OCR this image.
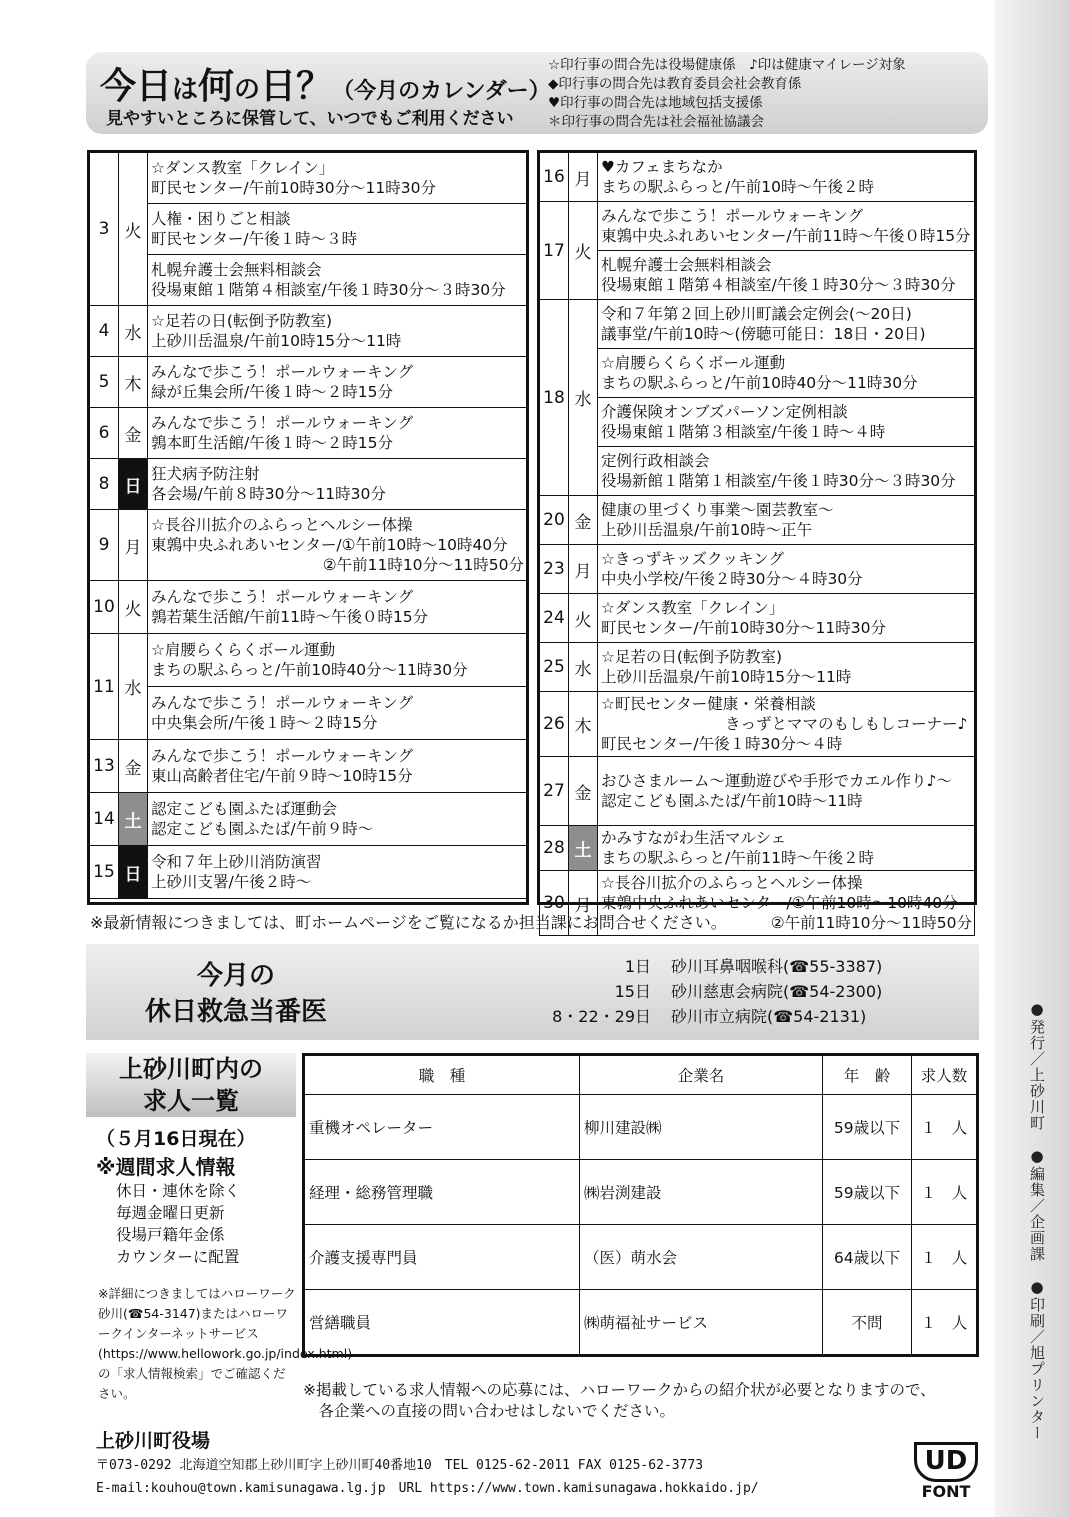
●発行／上砂川町　●編集／企画課　●印刷／旭プリンター
今日は何の日？（今月のカレンダー）
見やすいところに保管して、いつでもご利用ください
☆印行事の問合先は役場健康係　♪印は健康マイレージ対象
◆印行事の問合先は教育委員会社会教育係
♥印行事の問合先は地域包括支援係
＊印行事の問合先は社会福祉協議会
3	火	☆ダンス教室「クレイン」
町民センター/午前10時30分～11時30分

		人権・困りごと相談
町民センター/午後１時～３時

		札幌弁護士会無料相談会
役場東館１階第４相談室/午後１時30分～３時30分

4	水	☆足若の日(転倒予防教室)
上砂川岳温泉/午前10時15分～11時

5	木	みんなで歩こう！ポールウォーキング
緑が丘集会所/午後１時～２時15分

6	金	みんなで歩こう！ポールウォーキング
鶉本町生活館/午後１時～２時15分

8	日	狂犬病予防注射
各会場/午前８時30分～11時30分

9	月	☆長谷川拡介のふらっとヘルシー体操
東鶉中央ふれあいセンター/①午前10時～10時40分
②午前11時10分～11時50分

10	火	みんなで歩こう！ポールウォーキング
鶉若葉生活館/午前11時～午後０時15分

11	水	☆肩腰らくらくボール運動
まちの駅ふらっと/午前10時40分～11時30分

		みんなで歩こう！ポールウォーキング
中央集会所/午後１時～２時15分

13	金	みんなで歩こう！ポールウォーキング
東山高齢者住宅/午前９時～10時15分

14	土	認定こども園ふたば運動会
認定こども園ふたば/午前９時～

15	日	令和７年上砂川消防演習
上砂川支署/午後２時～
16	月	♥カフェまちなか
まちの駅ふらっと/午前10時～午後２時

17	火	みんなで歩こう！ポールウォーキング
東鶉中央ふれあいセンター/午前11時～午後０時15分

		札幌弁護士会無料相談会
役場東館１階第４相談室/午後１時30分～３時30分

18	水	令和７年第２回上砂川町議会定例会(～20日)
議事堂/午前10時～(傍聴可能日：18日・20日)

		☆肩腰らくらくボール運動
まちの駅ふらっと/午前10時40分～11時30分

		介護保険オンブズパーソン定例相談
役場東館１階第３相談室/午後１時～４時

		定例行政相談会
役場新館１階第１相談室/午後１時30分～３時30分

20	金	健康の里づくり事業～園芸教室～
上砂川岳温泉/午前10時～正午

23	月	☆きっずキッズクッキング
中央小学校/午後２時30分～４時30分

24	火	☆ダンス教室「クレイン」
町民センター/午前10時30分～11時30分

25	水	☆足若の日(転倒予防教室)
上砂川岳温泉/午前10時15分～11時

26	木	☆町民センター健康・栄養相談
　　　　　　　　きっずとママのもしもしコーナー♪
町民センター/午後１時30分～４時

27	金	おひさまルーム～運動遊びや手形でカエル作り♪～
認定こども園ふたば/午前10時～11時

28	土	かみすながわ生活マルシェ
まちの駅ふらっと/午前11時～午後２時

30	月	☆長谷川拡介のふらっとヘルシー体操
東鶉中央ふれあいセンター/①午前10時～10時40分
②午前11時10分～11時50分
※最新情報につきましては、町ホームページをご覧になるか担当課にお問合せください。
今月の
休日救急当番医
1日 砂川耳鼻咽喉科(☎55-3387)
15日 砂川慈恵会病院(☎54-2300)
8・22・29日 砂川市立病院(☎54-2131)
上砂川町内の
求人一覧
（５月16日現在）
※週間求人情報
休日・連休を除く
毎週金曜日更新
役場戸籍年金係
カウンターに配置
※詳細につきましてはハローワーク砂川(☎54-3147)またはハローワークインターネットサービス(https://www.hellowork.go.jp/index.html)の「求人情報検索」でご確認ください。
職　種	企業名	年　齢	求人数
重機オペレーター	柳川建設㈱	59歳以下	１　人
経理・総務管理職	㈱岩渕建設	59歳以下	１　人
介護支援専門員	（医）萌水会	64歳以下	１　人
営繕職員	㈱萌福祉サービス	不問	１　人
※掲載している求人情報への応募には、ハローワークからの紹介状が必要となりますので、
　各企業への直接の問い合わせはしないでください。
上砂川町役場
〒073-0292 北海道空知郡上砂川町字上砂川町40番地10　TEL 0125-62-2011 FAX 0125-62-3773
E-mail:kouhou@town.kamisunagawa.lg.jp　URL https://www.town.kamisunagawa.hokkaido.jp/
UD
FONT
